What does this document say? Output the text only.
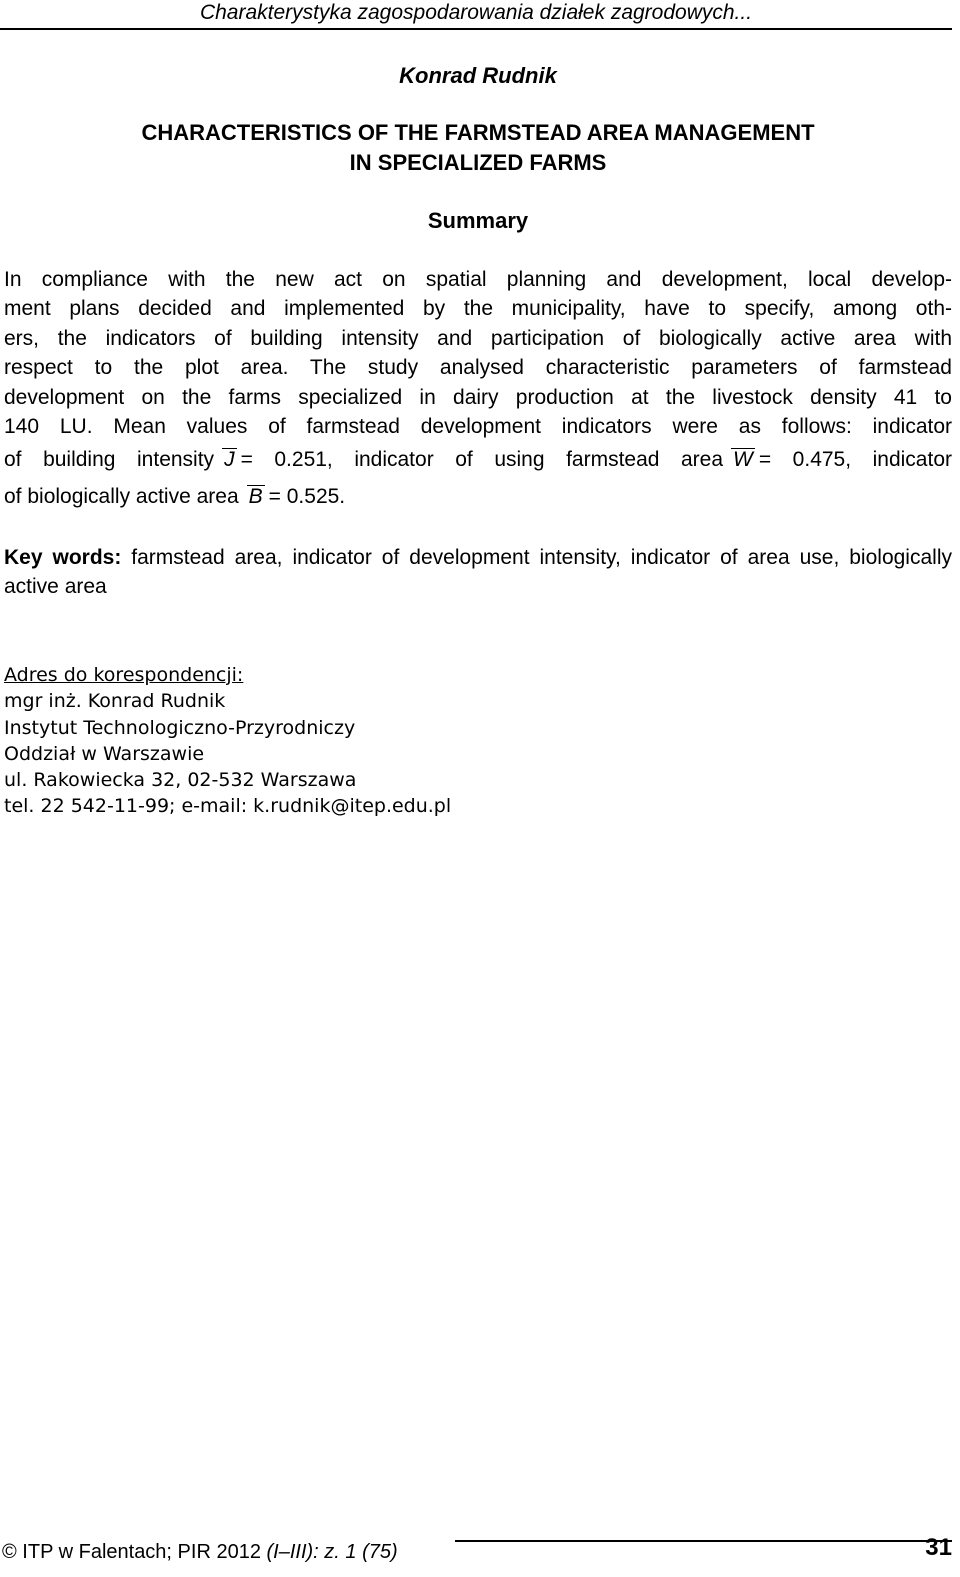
Charakterystyka zagospodarowania działek zagrodowych...
Konrad Rudnik
CHARACTERISTICS OF THE FARMSTEAD AREA MANAGEMENT
IN SPECIALIZED FARMS
Summary
In compliance with the new act on spatial planning and development, local develop-
ment plans decided and implemented by the municipality, have to specify, among oth-
ers, the indicators of building intensity and participation of biologically active area with
respect to the plot area. The study analysed characteristic parameters of farmstead
development on the farms specialized in dairy production at the livestock density 41 to
140 LU. Mean values of farmstead development indicators were as follows: indicator
of building intensity J = 0.251, indicator of using farmstead area W = 0.475, indicator
of biologically active area B = 0.525.
Key words: farmstead area, indicator of development intensity, indicator of area use, biologically active area
Adres do korespondencji:
mgr inż. Konrad Rudnik
Instytut Technologiczno-Przyrodniczy
Oddział w Warszawie
ul. Rakowiecka 32, 02-532 Warszawa
tel. 22 542-11-99; e-mail: k.rudnik@itep.edu.pl
© ITP w Falentach; PIR 2012 (I–III): z. 1 (75)	31
